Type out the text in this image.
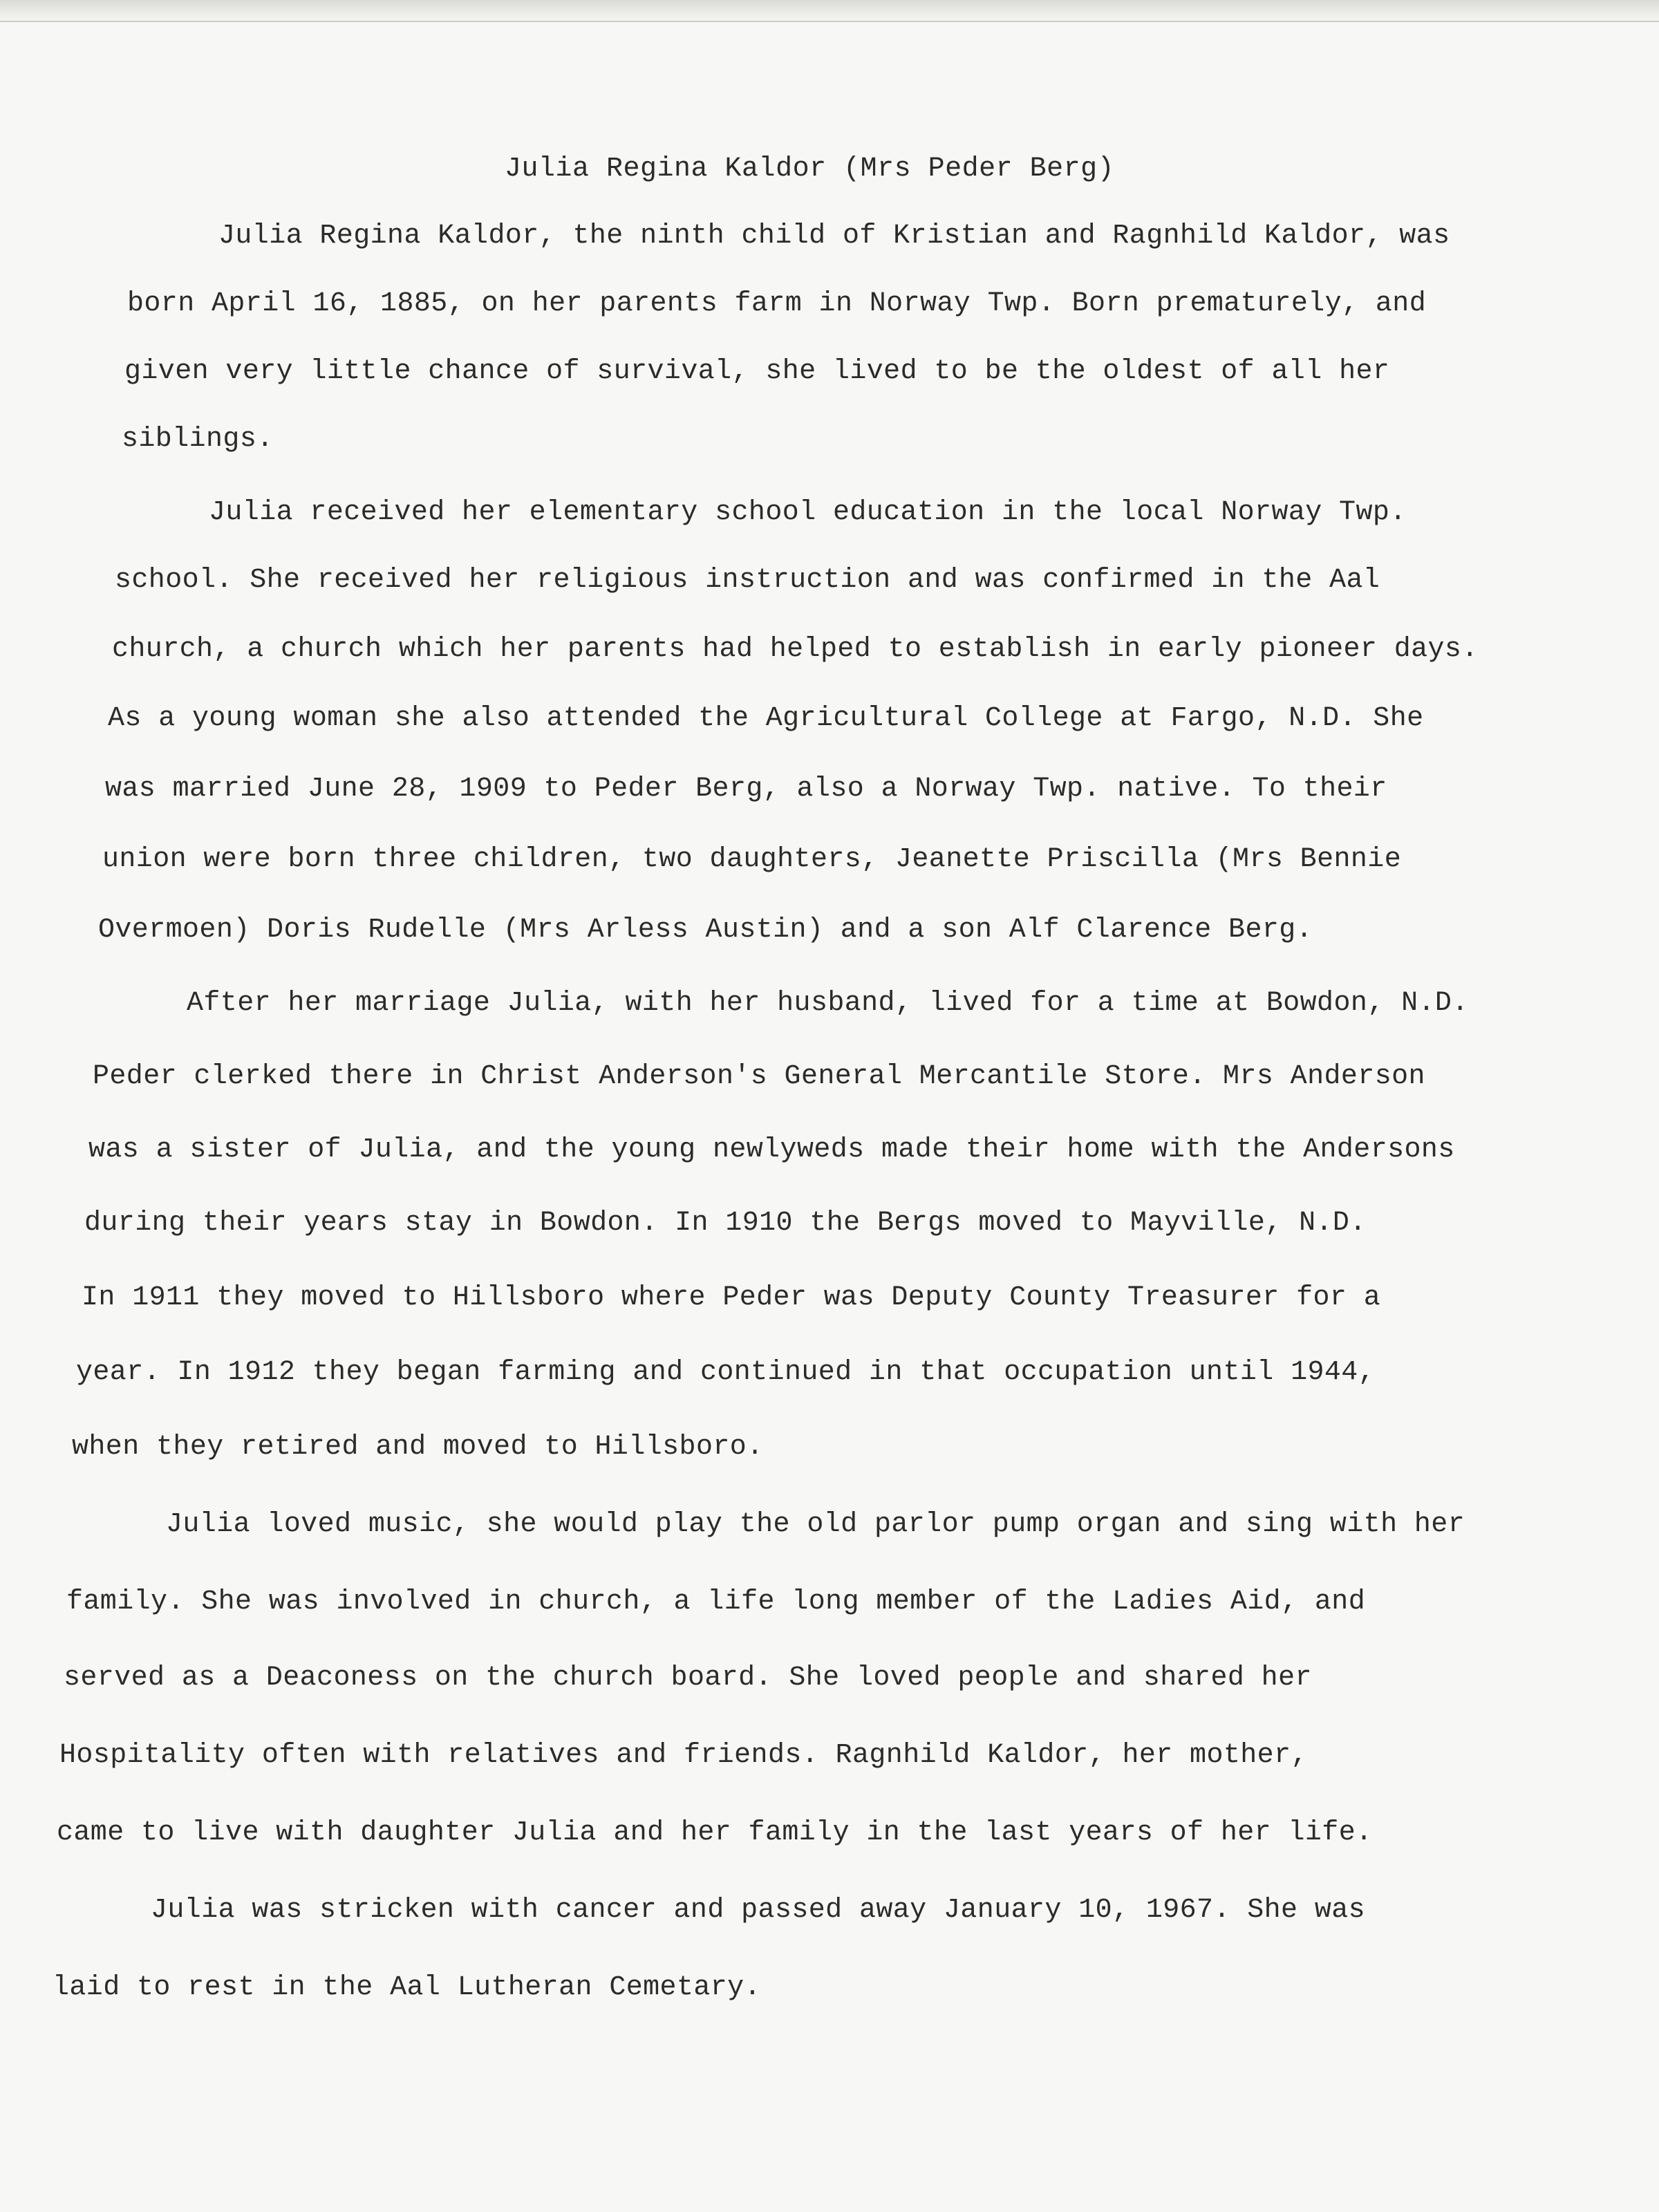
Julia Regina Kaldor (Mrs Peder Berg)

Julia Regina Kaldor, the ninth child of Kristian and Ragnhild Kaldor, was

born April 16, 1885, on her parents farm in Norway Twp. Born prematurely, and

given very little chance of survival, she lived to be the oldest of all her

siblings.

Julia received her elementary school education in the local Norway Twp.

school. She received her religious instruction and was confirmed in the Aal

church, a church which her parents had helped to establish in early pioneer days.

As a young woman she also attended the Agricultural College at Fargo, N.D. She

was married June 28, 1909 to Peder Berg, also a Norway Twp. native. To their

union were born three children, two daughters, Jeanette Priscilla (Mrs Bennie

Overmoen) Doris Rudelle (Mrs Arless Austin) and a son Alf Clarence Berg.

After her marriage Julia, with her husband, lived for a time at Bowdon, N.D.

Peder clerked there in Christ Anderson's General Mercantile Store. Mrs Anderson

was a sister of Julia, and the young newlyweds made their home with the Andersons

during their years stay in Bowdon. In 1910 the Bergs moved to Mayville, N.D.

In 1911 they moved to Hillsboro where Peder was Deputy County Treasurer for a

year. In 1912 they began farming and continued in that occupation until 1944,

when they retired and moved to Hillsboro.

Julia loved music, she would play the old parlor pump organ and sing with her

family. She was involved in church, a life long member of the Ladies Aid, and

served as a Deaconess on the church board. She loved people and shared her

Hospitality often with relatives and friends. Ragnhild Kaldor, her mother,

came to live with daughter Julia and her family in the last years of her life.

Julia was stricken with cancer and passed away January 10, 1967. She was

laid to rest in the Aal Lutheran Cemetary.
